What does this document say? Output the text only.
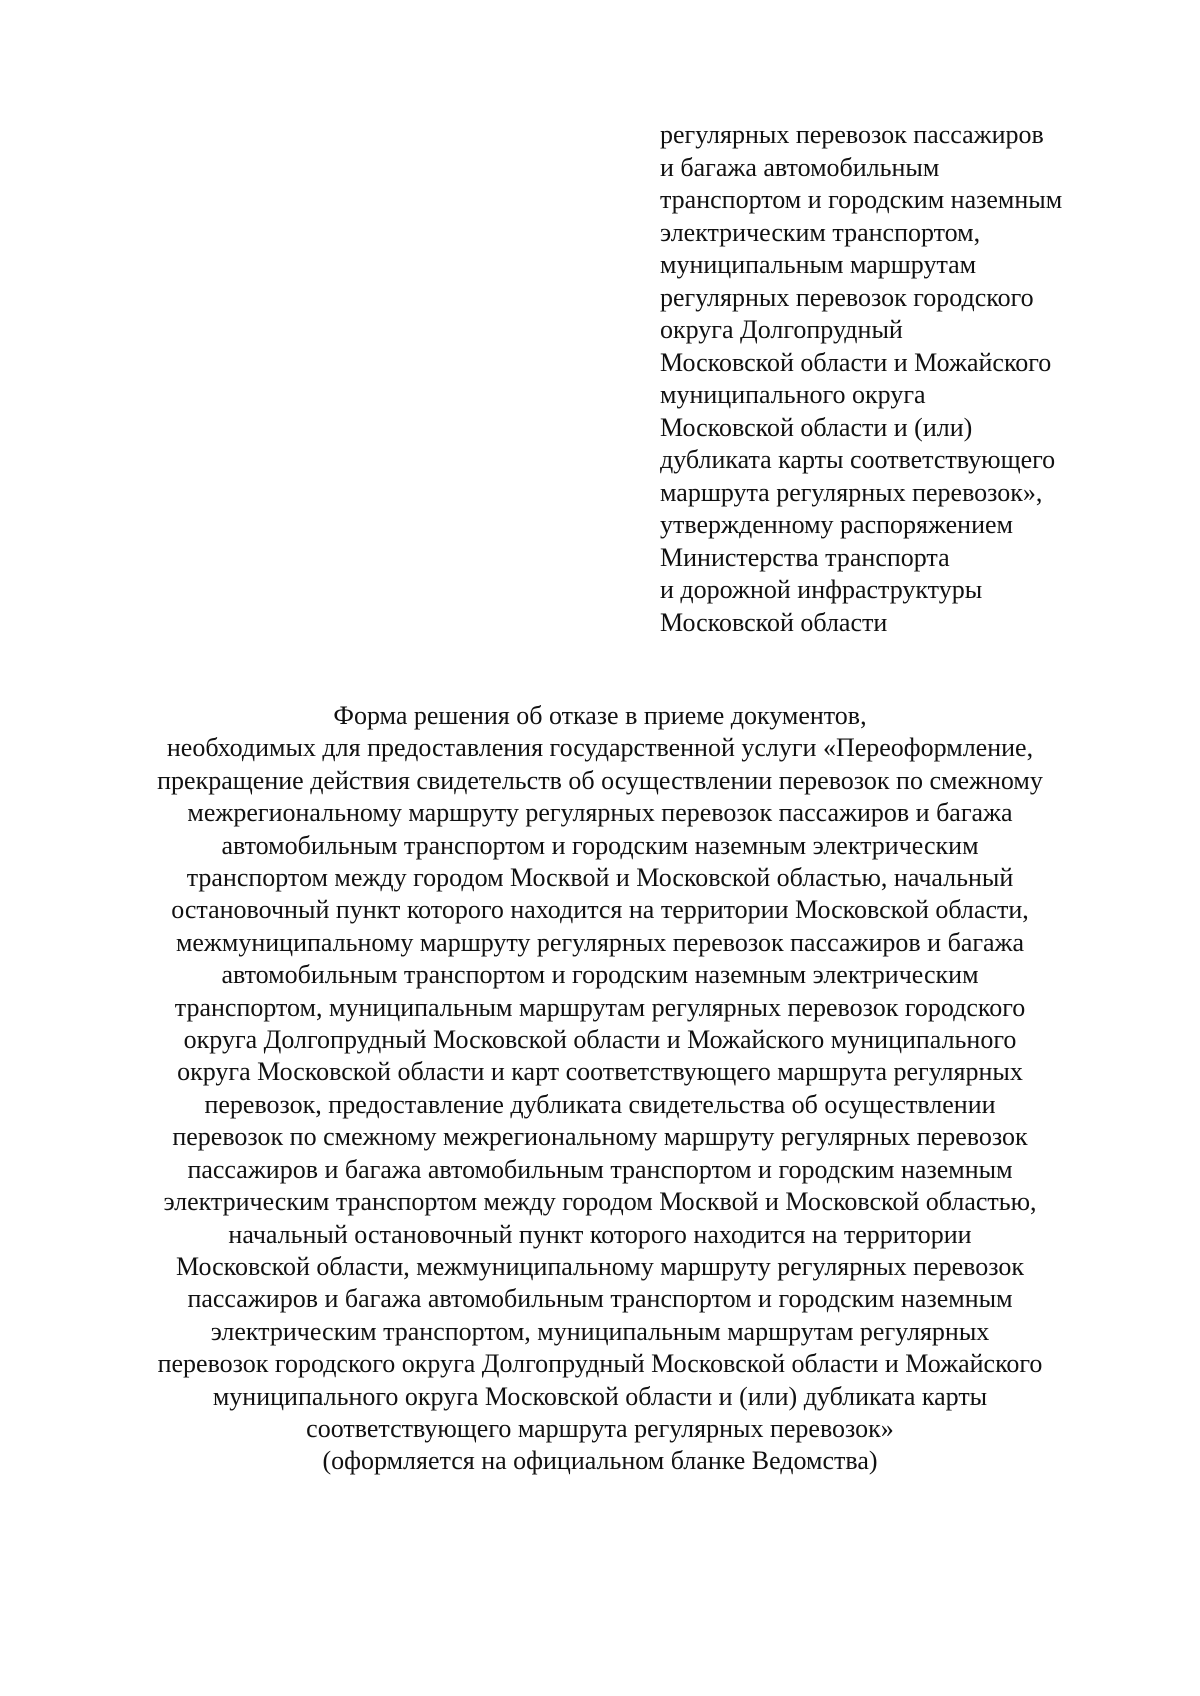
регулярных перевозок пассажиров
и багажа автомобильным
транспортом и городским наземным
электрическим транспортом,
муниципальным маршрутам
регулярных перевозок городского
округа Долгопрудный
Московской области и Можайского
муниципального округа
Московской области и (или)
дубликата карты соответствующего
маршрута регулярных перевозок»,
утвержденному распоряжением
Министерства транспорта
и дорожной инфраструктуры
Московской области
Форма решения об отказе в приеме документов,
необходимых для предоставления государственной услуги «Переоформление,
прекращение действия свидетельств об осуществлении перевозок по смежному
межрегиональному маршруту регулярных перевозок пассажиров и багажа
автомобильным транспортом и городским наземным электрическим
транспортом между городом Москвой и Московской областью, начальный
остановочный пункт которого находится на территории Московской области,
межмуниципальному маршруту регулярных перевозок пассажиров и багажа
автомобильным транспортом и городским наземным электрическим
транспортом, муниципальным маршрутам регулярных перевозок городского
округа Долгопрудный Московской области и Можайского муниципального
округа Московской области и карт соответствующего маршрута регулярных
перевозок, предоставление дубликата свидетельства об осуществлении
перевозок по смежному межрегиональному маршруту регулярных перевозок
пассажиров и багажа автомобильным транспортом и городским наземным
электрическим транспортом между городом Москвой и Московской областью,
начальный остановочный пункт которого находится на территории
Московской области, межмуниципальному маршруту регулярных перевозок
пассажиров и багажа автомобильным транспортом и городским наземным
электрическим транспортом, муниципальным маршрутам регулярных
перевозок городского округа Долгопрудный Московской области и Можайского
муниципального округа Московской области и (или) дубликата карты
соответствующего маршрута регулярных перевозок»
(оформляется на официальном бланке Ведомства)
